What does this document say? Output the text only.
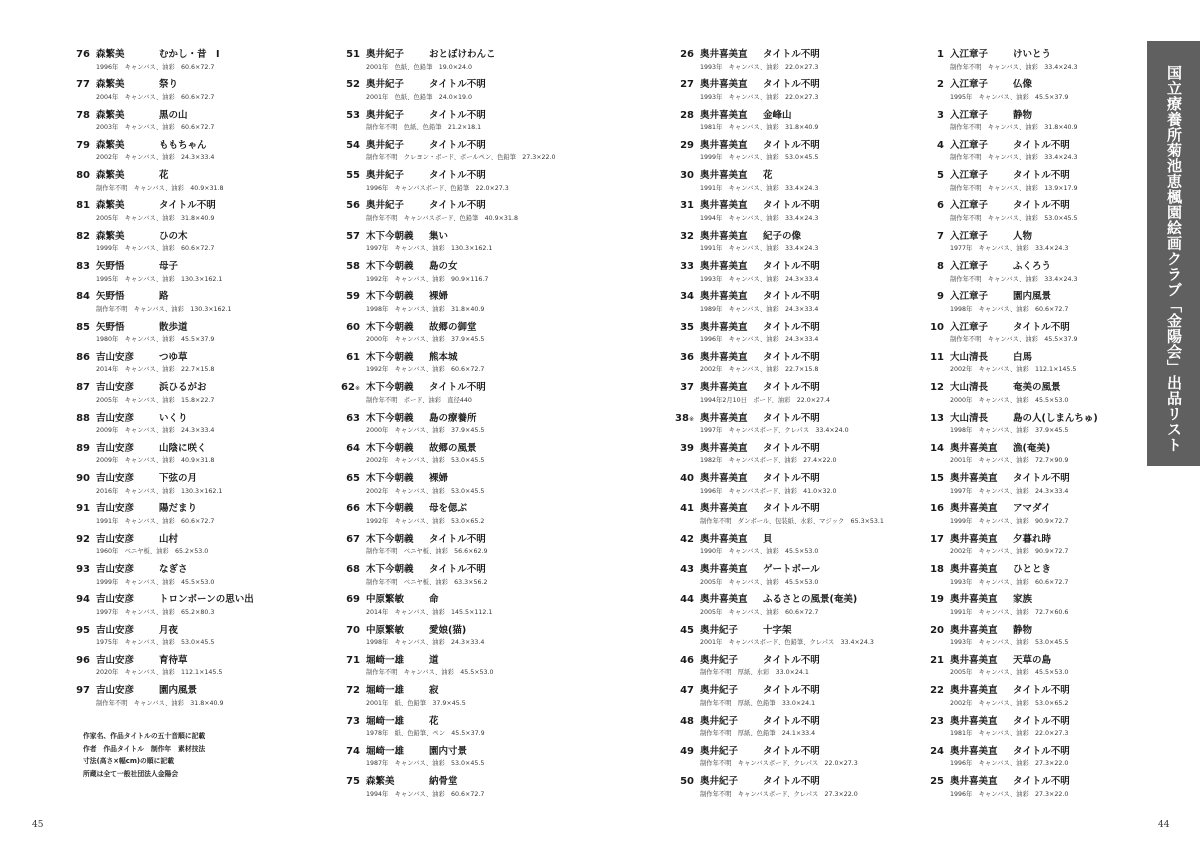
76 森繁美	むかし・昔　Ⅰ
1996年　キャンバス、油彩　60.6×72.7
77 森繁美	祭り
2004年　キャンバス、油彩　60.6×72.7
78 森繁美	黒の山
2003年　キャンバス、油彩　60.6×72.7
79 森繁美	ももちゃん
2002年　キャンバス、油彩　24.3×33.4
80 森繁美	花
制作年不明　キャンバス、油彩　40.9×31.8
81 森繁美	タイトル不明
2005年　キャンバス、油彩　31.8×40.9
82 森繁美	ひの木
1999年　キャンバス、油彩　60.6×72.7
83 矢野悟	母子
1995年　キャンバス、油彩　130.3×162.1
84 矢野悟	路
制作年不明　キャンバス、油彩　130.3×162.1
85 矢野悟	散歩道
1980年　キャンバス、油彩　45.5×37.9
86 吉山安彦	つゆ草
2014年　キャンバス、油彩　22.7×15.8
87 吉山安彦	浜ひるがお
2005年　キャンバス、油彩　15.8×22.7
88 吉山安彦	いくり
2009年　キャンバス、油彩　24.3×33.4
89 吉山安彦	山陰に咲く
2009年　キャンバス、油彩　40.9×31.8
90 吉山安彦	下弦の月
2016年　キャンバス、油彩　130.3×162.1
91 吉山安彦	陽だまり
1991年　キャンバス、油彩　60.6×72.7
92 吉山安彦	山村
1960年　ベニヤ板、油彩　65.2×53.0
93 吉山安彦	なぎさ
1999年　キャンバス、油彩　45.5×53.0
94 吉山安彦	トロンボーンの思い出
1997年　キャンバス、油彩　65.2×80.3
95 吉山安彦	月夜
1975年　キャンバス、油彩　53.0×45.5
96 吉山安彦	育待草
2020年　キャンバス、油彩　112.1×145.5
97 吉山安彦	園内風景
制作年不明　キャンバス、油彩　31.8×40.9
51 奥井紀子	おとぼけわんこ
2001年　色紙、色鉛筆　19.0×24.0
52 奥井紀子	タイトル不明
2001年　色紙、色鉛筆　24.0×19.0
53 奥井紀子	タイトル不明
制作年不明　色紙、色鉛筆　21.2×18.1
54 奥井紀子	タイトル不明
制作年不明　クレヨン・ボード、ボールペン、色鉛筆　27.3×22.0
55 奥井紀子	タイトル不明
1996年　キャンバスボード、色鉛筆　22.0×27.3
56 奥井紀子	タイトル不明
制作年不明　キャンバスボード、色鉛筆　40.9×31.8
57 木下今朝義 集い
1997年　キャンバス、油彩　130.3×162.1
58 木下今朝義 島の女
1992年　キャンバス、油彩　90.9×116.7
59 木下今朝義 裸婦
1998年　キャンバス、油彩　31.8×40.9
60 木下今朝義 故郷の御堂
2000年　キャンバス、油彩　37.9×45.5
61 木下今朝義 熊本城
1992年　キャンバス、油彩　60.6×72.7
62※ 木下今朝義 タイトル不明
制作年不明　ボード、油彩　直径440
63 木下今朝義 島の療養所
2000年　キャンバス、油彩　37.9×45.5
64 木下今朝義 故郷の風景
2002年　キャンバス、油彩　53.0×45.5
65 木下今朝義 裸婦
2002年　キャンバス、油彩　53.0×45.5
66 木下今朝義 母を偲ぶ
1992年　キャンバス、油彩　53.0×65.2
67 木下今朝義 タイトル不明
制作年不明　ベニヤ板、油彩　56.6×62.9
68 木下今朝義 タイトル不明
制作年不明　ベニヤ板、油彩　63.3×56.2
69 中原繁敏	命
2014年　キャンバス、油彩　145.5×112.1
70 中原繁敏	愛娘(猫)
1998年　キャンバス、油彩　24.3×33.4
71 堀崎一雄	道
制作年不明　キャンバス、油彩　45.5×53.0
72 堀崎一雄	寂
2001年　紙、色鉛筆　37.9×45.5
73 堀崎一雄	花
1978年　紙、色鉛筆、ペン　45.5×37.9
74 堀崎一雄	園内寸景
1987年　キャンバス、油彩　53.0×45.5
75 森繁美	納骨堂
1994年　キャンバス、油彩　60.6×72.7
26 奥井喜美直 タイトル不明
1993年　キャンバス、油彩　22.0×27.3
27 奥井喜美直 タイトル不明
1993年　キャンバス、油彩　22.0×27.3
28 奥井喜美直 金峰山
1981年　キャンバス、油彩　31.8×40.9
29 奥井喜美直 タイトル不明
1999年　キャンバス、油彩　53.0×45.5
30 奥井喜美直 花
1991年　キャンバス、油彩　33.4×24.3
31 奥井喜美直 タイトル不明
1994年　キャンバス、油彩　33.4×24.3
32 奥井喜美直 紀子の像
1991年　キャンバス、油彩　33.4×24.3
33 奥井喜美直 タイトル不明
1993年　キャンバス、油彩　24.3×33.4
34 奥井喜美直 タイトル不明
1989年　キャンバス、油彩　24.3×33.4
35 奥井喜美直 タイトル不明
1996年　キャンバス、油彩　24.3×33.4
36 奥井喜美直 タイトル不明
2002年　キャンバス、油彩　22.7×15.8
37 奥井喜美直 タイトル不明
1994年2月10日　ボード、油彩　22.0×27.4
38※ 奥井喜美直 タイトル不明
1997年　キャンバスボード、クレパス　33.4×24.0
39 奥井喜美直 タイトル不明
1982年　キャンバスボード、油彩　27.4×22.0
40 奥井喜美直 タイトル不明
1996年　キャンバスボード、油彩　41.0×32.0
41 奥井喜美直 タイトル不明
制作年不明　ダンボール、包装紙、水彩、マジック　65.3×53.1
42 奥井喜美直 貝
1990年　キャンバス、油彩　45.5×53.0
43 奥井喜美直 ゲートボール
2005年　キャンバス、油彩　45.5×53.0
44 奥井喜美直 ふるさとの風景(奄美)
2005年　キャンバス、油彩　60.6×72.7
45 奥井紀子	十字架
2001年　キャンバスボード、色鉛筆、クレパス　33.4×24.3
46 奥井紀子	タイトル不明
制作年不明　厚紙、水彩　33.0×24.1
47 奥井紀子	タイトル不明
制作年不明　厚紙、色鉛筆　33.0×24.1
48 奥井紀子	タイトル不明
制作年不明　厚紙、色鉛筆　24.1×33.4
49 奥井紀子	タイトル不明
制作年不明　キャンバスボード、クレパス　22.0×27.3
50 奥井紀子	タイトル不明
制作年不明　キャンバスボード、クレパス　27.3×22.0
1 入江章子	けいとう
制作年不明　キャンバス、油彩　33.4×24.3
2 入江章子	仏像
1995年　キャンバス、油彩　45.5×37.9
3 入江章子	静物
制作年不明　キャンバス、油彩　31.8×40.9
4 入江章子	タイトル不明
制作年不明　キャンバス、油彩　33.4×24.3
5 入江章子	タイトル不明
制作年不明　キャンバス、油彩　13.9×17.9
6 入江章子	タイトル不明
制作年不明　キャンバス、油彩　53.0×45.5
7 入江章子	人物
1977年　キャンバス、油彩　33.4×24.3
8 入江章子	ふくろう
制作年不明　キャンバス、油彩　33.4×24.3
9 入江章子	園内風景
1998年　キャンバス、油彩　60.6×72.7
10 入江章子	タイトル不明
制作年不明　キャンバス、油彩　45.5×37.9
11 大山清長	白馬
2002年　キャンバス、油彩　112.1×145.5
12 大山清長	奄美の風景
2000年　キャンバス、油彩　45.5×53.0
13 大山清長	島の人(しまんちゅ)
1998年　キャンバス、油彩　37.9×45.5
14 奥井喜美直 漁(奄美)
2001年　キャンバス、油彩　72.7×90.9
15 奥井喜美直 タイトル不明
1997年　キャンバス、油彩　24.3×33.4
16 奥井喜美直 アマダイ
1999年　キャンバス、油彩　90.9×72.7
17 奥井喜美直 夕暮れ時
2002年　キャンバス、油彩　90.9×72.7
18 奥井喜美直 ひととき
1993年　キャンバス、油彩　60.6×72.7
19 奥井喜美直 家族
1991年　キャンバス、油彩　72.7×60.6
20 奥井喜美直 静物
1993年　キャンバス、油彩　53.0×45.5
21 奥井喜美直 天草の島
2005年　キャンバス、油彩　45.5×53.0
22 奥井喜美直 タイトル不明
2002年　キャンバス、油彩　53.0×65.2
23 奥井喜美直 タイトル不明
1981年　キャンバス、油彩　22.0×27.3
24 奥井喜美直 タイトル不明
1996年　キャンバス、油彩　27.3×22.0
25 奥井喜美直 タイトル不明
1996年　キャンバス、油彩　27.3×22.0
作家名、作品タイトルの五十音順に記載
作者　作品タイトル　制作年　素材技法
寸法(高さ×幅cm)の順に記載
所蔵は全て一般社団法人金陽会
45	44
国立療養所菊池恵楓園絵画クラブ「金陽会」出品リスト
